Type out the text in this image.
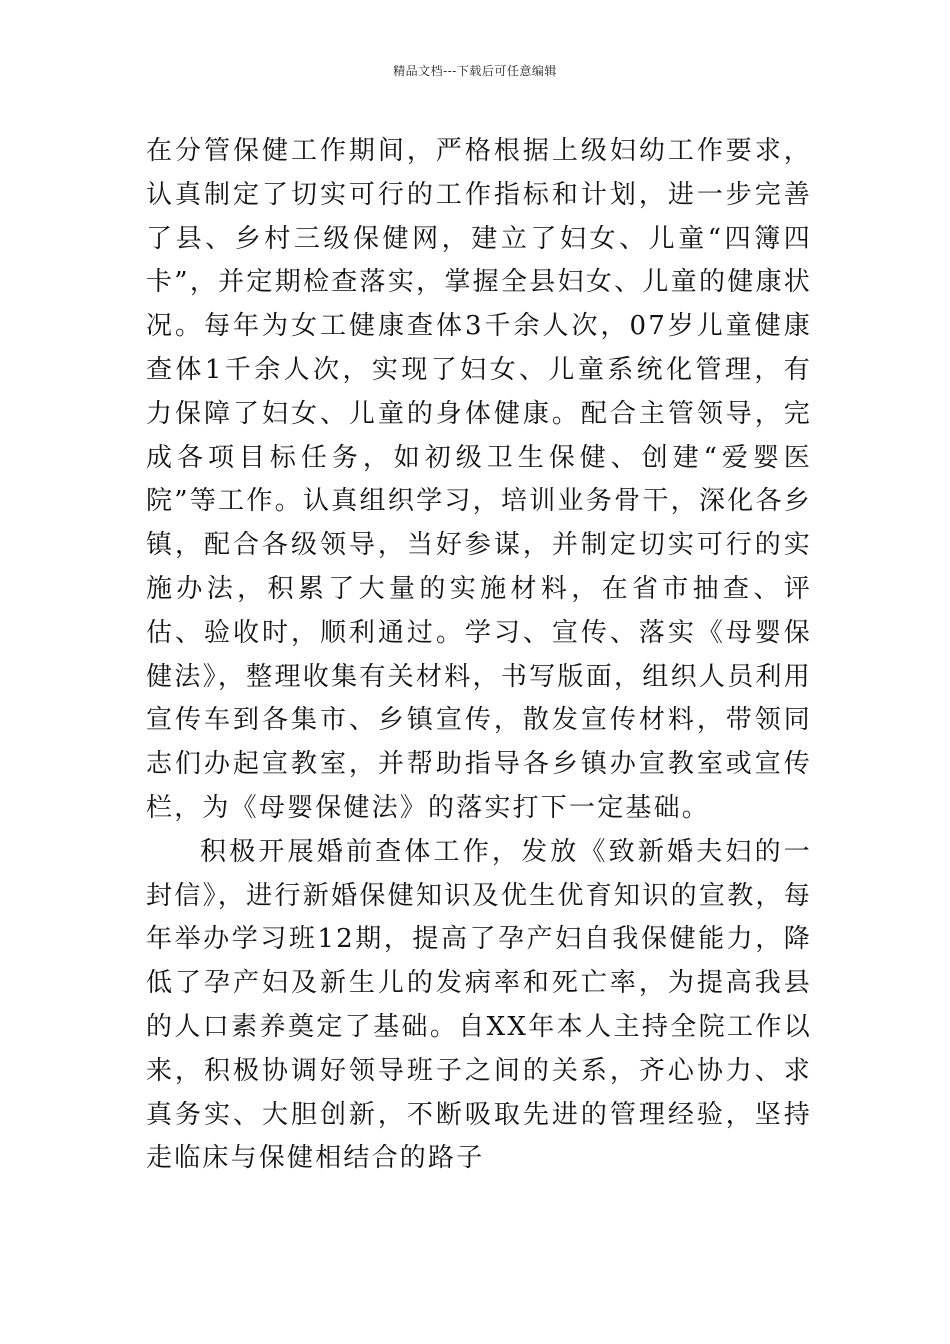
精品文档---下载后可任意编辑

在分管保健工作期间，严格根据上级妇幼工作要求，认真制定了切实可行的工作指标和计划，进一步完善了县、乡村三级保健网，建立了妇女、儿童“四簿四卡”，并定期检查落实，掌握全县妇女、儿童的健康状况。每年为女工健康查体3千余人次，07岁儿童健康查体1千余人次，实现了妇女、儿童系统化管理，有力保障了妇女、儿童的身体健康。配合主管领导，完成各项目标任务，如初级卫生保健、创建“爱婴医院”等工作。认真组织学习，培训业务骨干，深化各乡镇，配合各级领导，当好参谋，并制定切实可行的实施办法，积累了大量的实施材料，在省市抽查、评估、验收时，顺利通过。学习、宣传、落实《母婴保健法》，整理收集有关材料，书写版面，组织人员利用宣传车到各集市、乡镇宣传，散发宣传材料，带领同志们办起宣教室，并帮助指导各乡镇办宣教室或宣传栏，为《母婴保健法》的落实打下一定基础。

积极开展婚前查体工作，发放《致新婚夫妇的一封信》，进行新婚保健知识及优生优育知识的宣教，每年举办学习班12期，提高了孕产妇自我保健能力，降低了孕产妇及新生儿的发病率和死亡率，为提高我县的人口素养奠定了基础。自XX年本人主持全院工作以来，积极协调好领导班子之间的关系，齐心协力、求真务实、大胆创新，不断吸取先进的管理经验，坚持走临床与保健相结合的路子
